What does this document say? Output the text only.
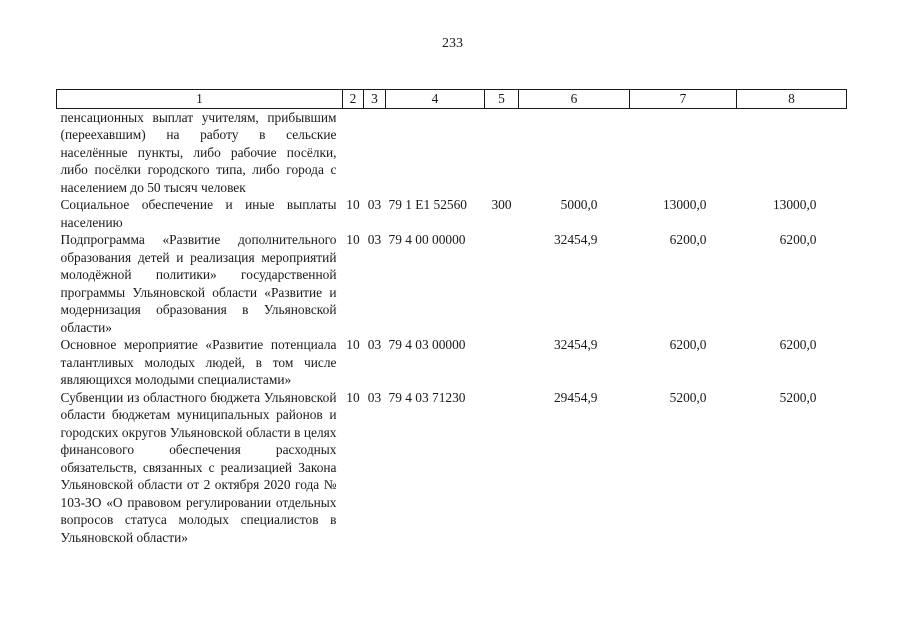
233
1	2	3	4	5	6	7	8
пенсационных выплат учителям, прибывшим (переехавшим) на работу в сельские населённые пункты, либо рабочие посёлки, либо посёлки городского типа, либо города с населением до 50 тысяч человек							
Социальное обеспечение и иные выплаты населению	10	03	79 1 E1 52560	300	5000,0	13000,0	13000,0
Подпрограмма «Развитие дополнительного образования детей и реализация мероприятий молодёжной политики» государственной программы Ульяновской области «Развитие и модернизация образования в Ульяновской области»	10	03	79 4 00 00000		32454,9	6200,0	6200,0
Основное мероприятие «Развитие потенциала талантливых молодых людей, в том числе являющихся молодыми специалистами»	10	03	79 4 03 00000		32454,9	6200,0	6200,0
Субвенции из областного бюджета Ульяновской области бюджетам муниципальных районов и городских округов Ульяновской области в целях финансового обеспечения расходных обязательств, связанных с реализацией Закона Ульяновской области от 2 октября 2020 года № 103-ЗО «О правовом регулировании отдельных вопросов статуса молодых специалистов в Ульяновской области»	10	03	79 4 03 71230		29454,9	5200,0	5200,0
